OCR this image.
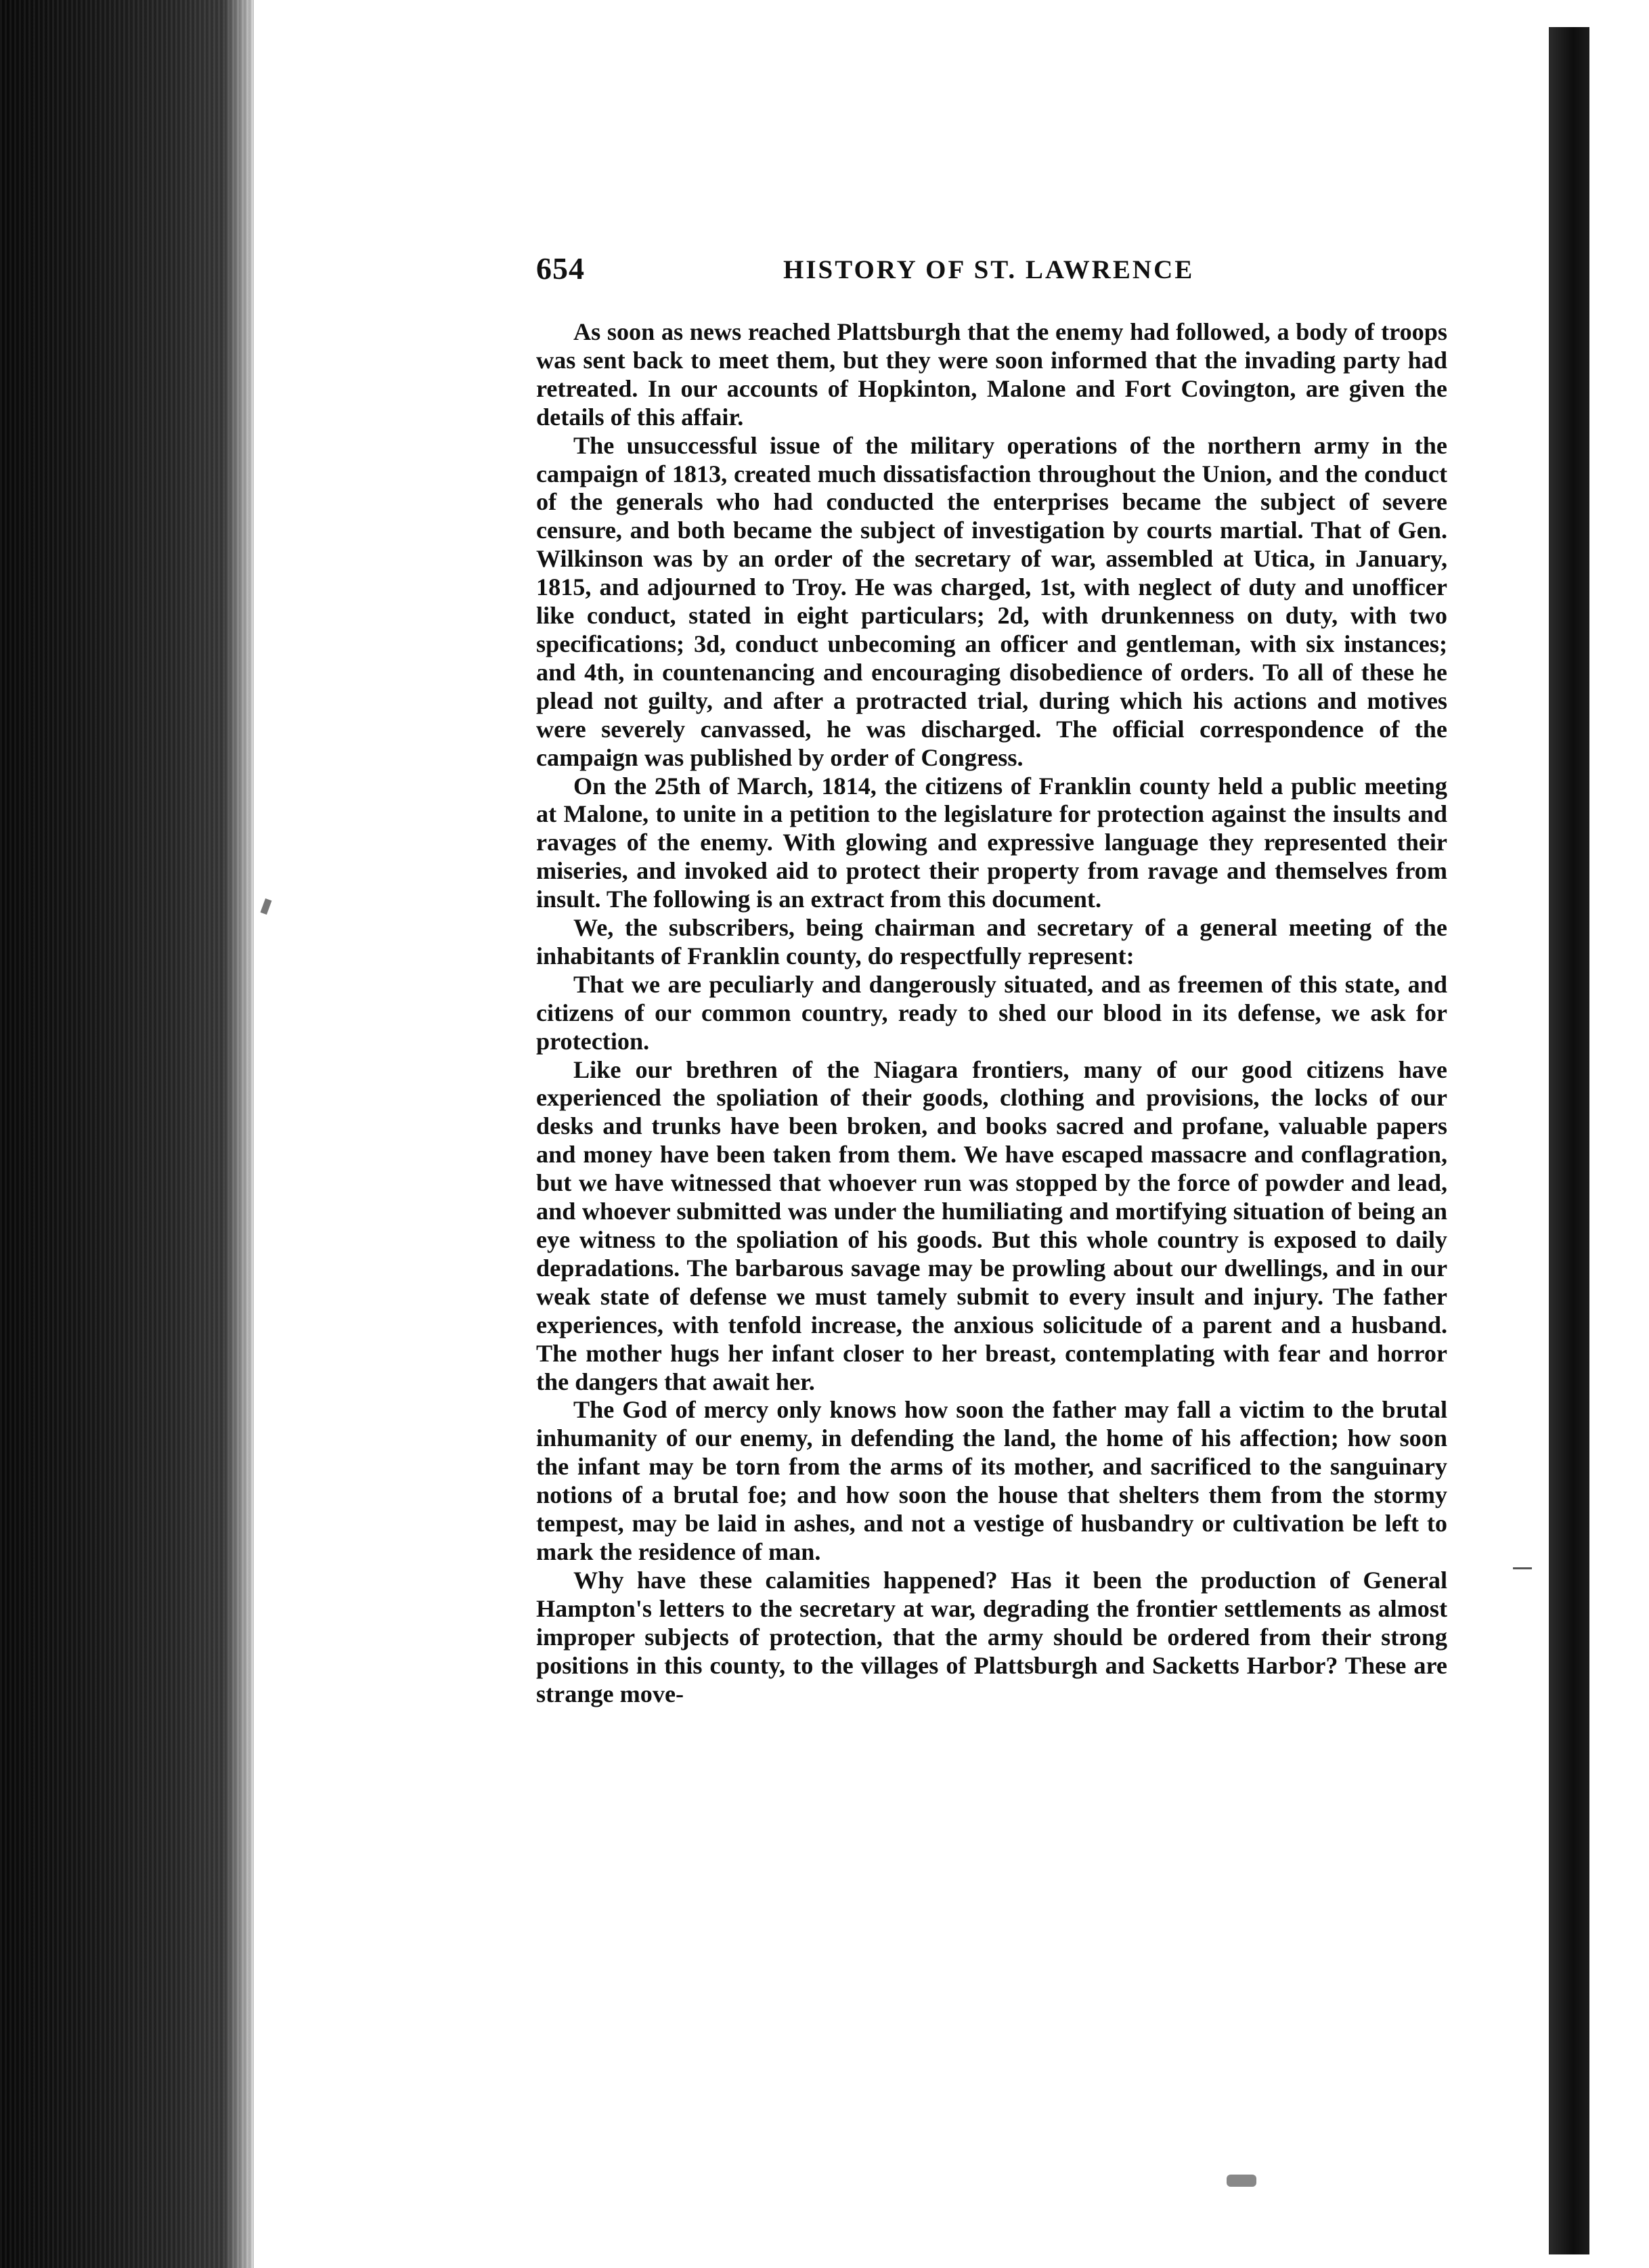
654	HISTORY OF ST. LAWRENCE

As soon as news reached Plattsburgh that the enemy had followed, a body of troops was sent back to meet them, but they were soon informed that the invading party had retreated. In our accounts of Hopkinton, Malone and Fort Covington, are given the details of this affair.

The unsuccessful issue of the military operations of the northern army in the campaign of 1813, created much dissatisfaction throughout the Union, and the conduct of the generals who had conducted the enterprises became the subject of severe censure, and both became the subject of investigation by courts martial. That of Gen. Wilkinson was by an order of the secretary of war, assembled at Utica, in January, 1815, and adjourned to Troy. He was charged, 1st, with neglect of duty and unofficer like conduct, stated in eight particulars; 2d, with drunkenness on duty, with two specifications; 3d, conduct unbecoming an officer and gentleman, with six instances; and 4th, in countenancing and encouraging disobedience of orders. To all of these he plead not guilty, and after a protracted trial, during which his actions and motives were severely canvassed, he was discharged. The official correspondence of the campaign was published by order of Congress.

On the 25th of March, 1814, the citizens of Franklin county held a public meeting at Malone, to unite in a petition to the legislature for protection against the insults and ravages of the enemy. With glowing and expressive language they represented their miseries, and invoked aid to protect their property from ravage and themselves from insult. The following is an extract from this document.

We, the subscribers, being chairman and secretary of a general meeting of the inhabitants of Franklin county, do respectfully represent:

That we are peculiarly and dangerously situated, and as freemen of this state, and citizens of our common country, ready to shed our blood in its defense, we ask for protection.

Like our brethren of the Niagara frontiers, many of our good citizens have experienced the spoliation of their goods, clothing and provisions, the locks of our desks and trunks have been broken, and books sacred and profane, valuable papers and money have been taken from them. We have escaped massacre and conflagration, but we have witnessed that whoever run was stopped by the force of powder and lead, and whoever submitted was under the humiliating and mortifying situation of being an eye witness to the spoliation of his goods. But this whole country is exposed to daily depradations. The barbarous savage may be prowling about our dwellings, and in our weak state of defense we must tamely submit to every insult and injury. The father experiences, with tenfold increase, the anxious solicitude of a parent and a husband. The mother hugs her infant closer to her breast, contemplating with fear and horror the dangers that await her.

The God of mercy only knows how soon the father may fall a victim to the brutal inhumanity of our enemy, in defending the land, the home of his affection; how soon the infant may be torn from the arms of its mother, and sacrificed to the sanguinary notions of a brutal foe; and how soon the house that shelters them from the stormy tempest, may be laid in ashes, and not a vestige of husbandry or cultivation be left to mark the residence of man.

Why have these calamities happened? Has it been the production of General Hampton's letters to the secretary at war, degrading the frontier settlements as almost improper subjects of protection, that the army should be ordered from their strong positions in this county, to the villages of Plattsburgh and Sacketts Harbor? These are strange move-
